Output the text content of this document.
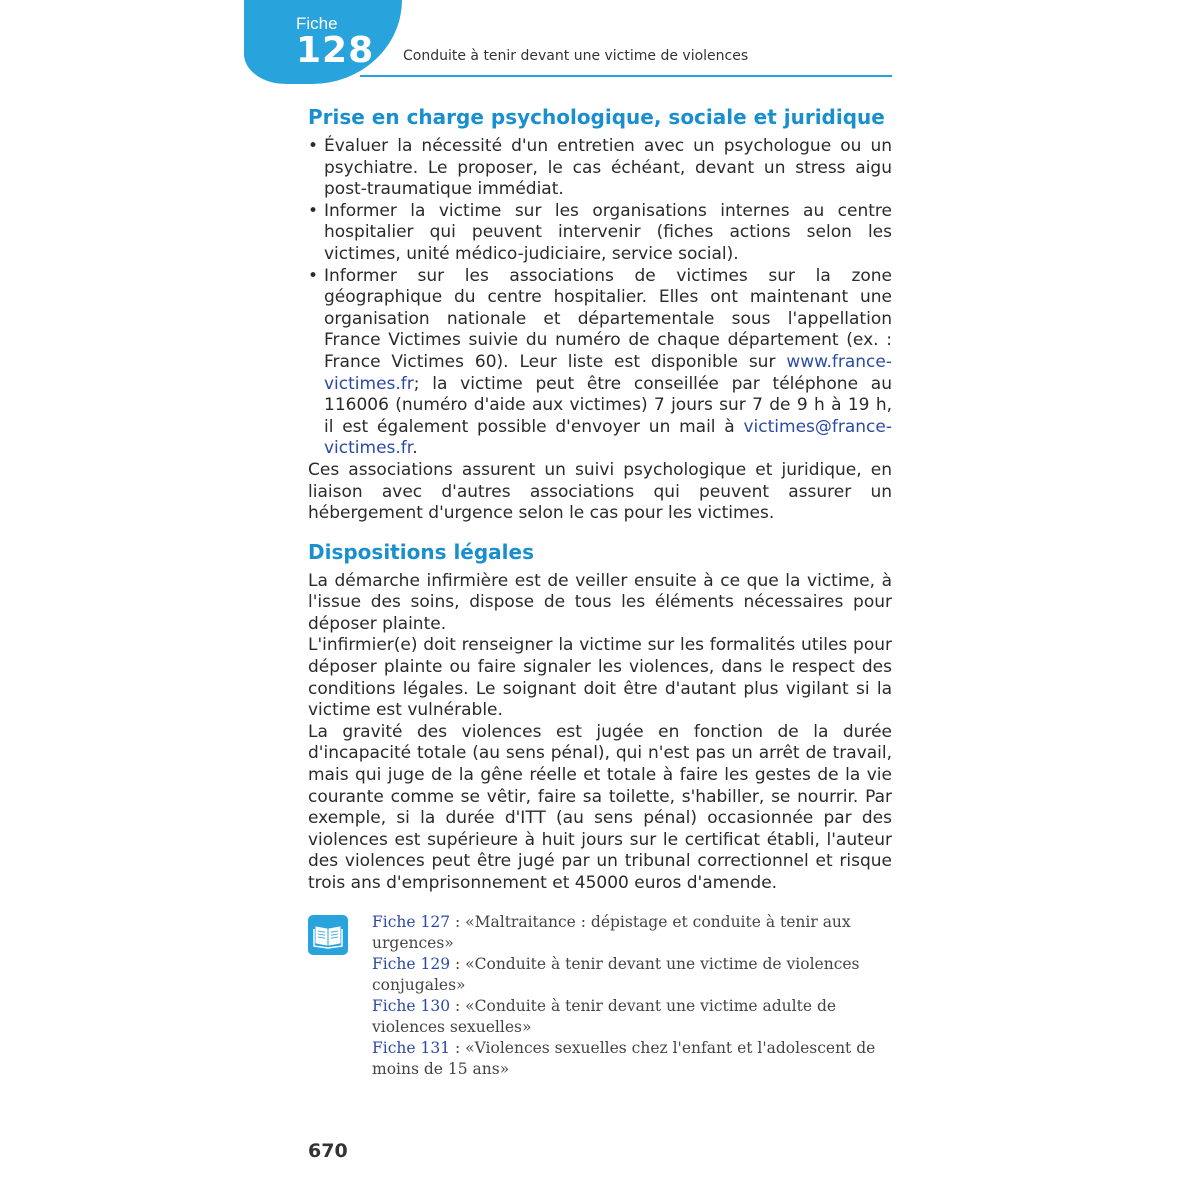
Fiche
128 Conduite à tenir devant une victime de violences
Prise en charge psychologique, sociale et juridique
• Évaluer la nécessité d'un entretien avec un psychologue ou un psychiatre. Le proposer, le cas échéant, devant un stress aigu post-traumatique immédiat.
• Informer la victime sur les organisations internes au centre hospitalier qui peuvent intervenir (fiches actions selon les victimes, unité médico-judiciaire, service social).
• Informer sur les associations de victimes sur la zone géographique du centre hospitalier. Elles ont maintenant une organisation nationale et départementale sous l'appellation France Victimes suivie du numéro de chaque département (ex. : France Victimes 60). Leur liste est disponible sur www.france-victimes.fr; la victime peut être conseillée par téléphone au 116006 (numéro d'aide aux victimes) 7 jours sur 7 de 9 h à 19 h, il est également possible d'envoyer un mail à victimes@france-victimes.fr.

Ces associations assurent un suivi psychologique et juridique, en liaison avec d'autres associations qui peuvent assurer un hébergement d'urgence selon le cas pour les victimes.

Dispositions légales

La démarche infirmière est de veiller ensuite à ce que la victime, à l'issue des soins, dispose de tous les éléments nécessaires pour déposer plainte.

L'infirmier(e) doit renseigner la victime sur les formalités utiles pour déposer plainte ou faire signaler les violences, dans le respect des conditions légales. Le soignant doit être d'autant plus vigilant si la victime est vulnérable.

La gravité des violences est jugée en fonction de la durée d'incapacité totale (au sens pénal), qui n'est pas un arrêt de travail, mais qui juge de la gêne réelle et totale à faire les gestes de la vie courante comme se vêtir, faire sa toilette, s'habiller, se nourrir. Par exemple, si la durée d'ITT (au sens pénal) occasionnée par des violences est supérieure à huit jours sur le certificat établi, l'auteur des violences peut être jugé par un tribunal correctionnel et risque trois ans d'emprisonnement et 45000 euros d'amende.

Fiche 127 : «Maltraitance : dépistage et conduite à tenir aux urgences»

Fiche 129 : «Conduite à tenir devant une victime de violences conjugales»

Fiche 130 : «Conduite à tenir devant une victime adulte de violences sexuelles»

Fiche 131 : «Violences sexuelles chez l'enfant et l'adolescent de moins de 15 ans»

670
